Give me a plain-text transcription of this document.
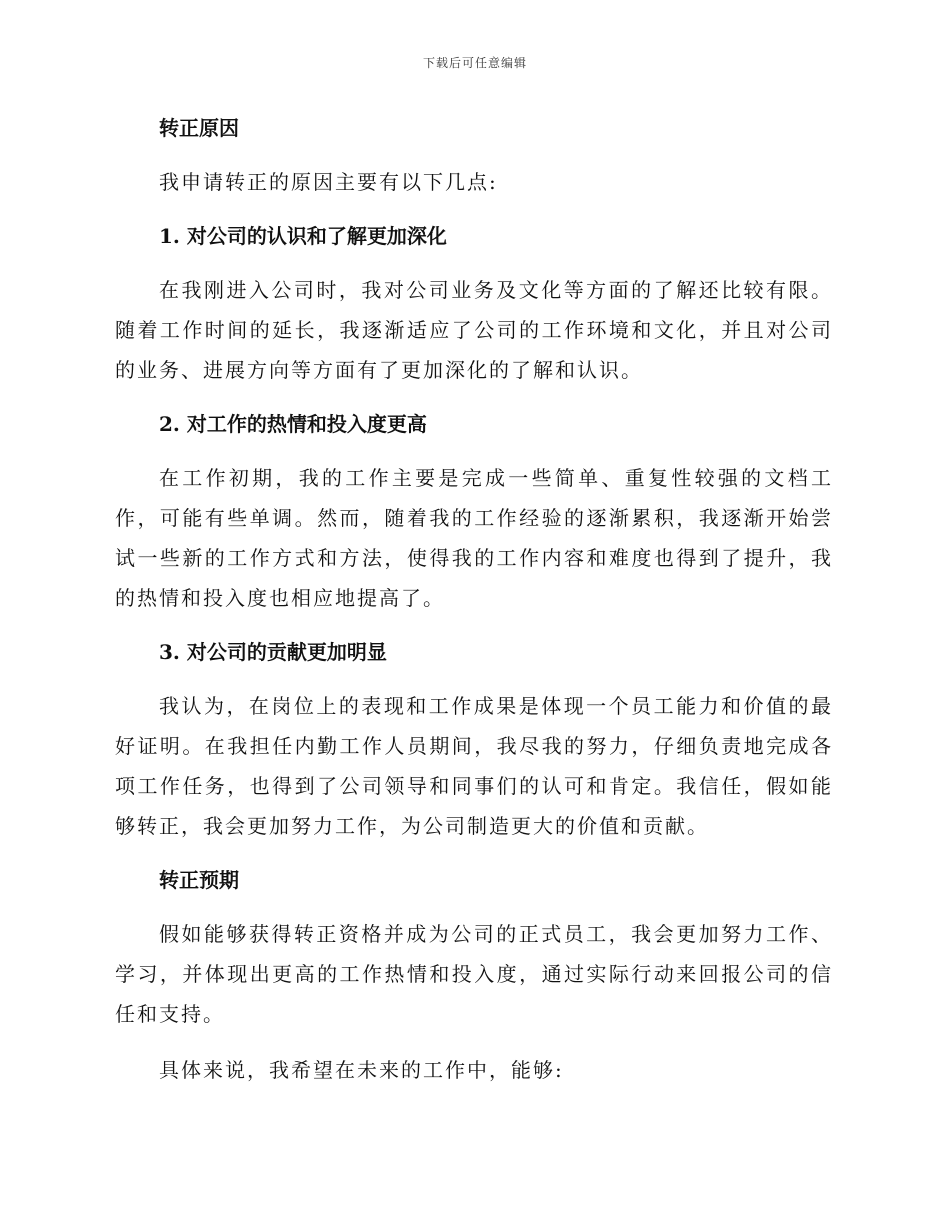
下载后可任意编辑
转正原因
我申请转正的原因主要有以下几点:
1. 对公司的认识和了解更加深化
在我刚进入公司时，我对公司业务及文化等方面的了解还比较有限。随着工作时间的延长，我逐渐适应了公司的工作环境和文化，并且对公司的业务、进展方向等方面有了更加深化的了解和认识。
2. 对工作的热情和投入度更高
在工作初期，我的工作主要是完成一些简单、重复性较强的文档工作，可能有些单调。然而，随着我的工作经验的逐渐累积，我逐渐开始尝试一些新的工作方式和方法，使得我的工作内容和难度也得到了提升，我的热情和投入度也相应地提高了。
3. 对公司的贡献更加明显
我认为，在岗位上的表现和工作成果是体现一个员工能力和价值的最好证明。在我担任内勤工作人员期间，我尽我的努力，仔细负责地完成各项工作任务，也得到了公司领导和同事们的认可和肯定。我信任，假如能够转正，我会更加努力工作，为公司制造更大的价值和贡献。
转正预期
假如能够获得转正资格并成为公司的正式员工，我会更加努力工作、学习，并体现出更高的工作热情和投入度，通过实际行动来回报公司的信任和支持。
具体来说，我希望在未来的工作中，能够:
